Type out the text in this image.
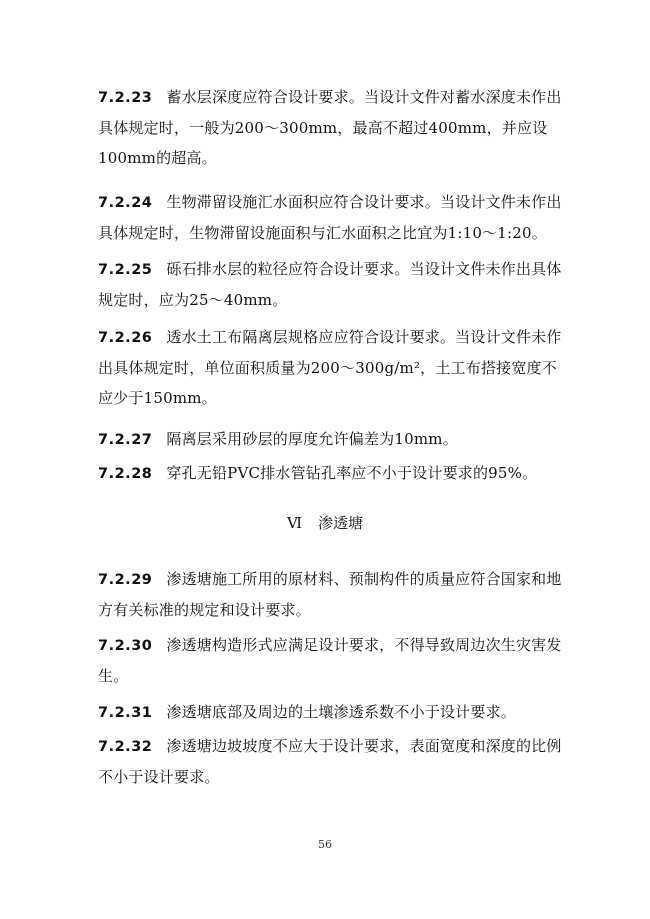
7.2.23 蓄水层深度应符合设计要求。当设计文件对蓄水深度未作出具体规定时，一般为200～300mm，最高不超过400mm，并应设100mm的超高。

7.2.24 生物滞留设施汇水面积应符合设计要求。当设计文件未作出具体规定时，生物滞留设施面积与汇水面积之比宜为1:10～1:20。

7.2.25 砾石排水层的粒径应符合设计要求。当设计文件未作出具体规定时，应为25～40mm。

7.2.26 透水土工布隔离层规格应应符合设计要求。当设计文件未作出具体规定时，单位面积质量为200～300g/m²，土工布搭接宽度不应少于150mm。

7.2.27 隔离层采用砂层的厚度允许偏差为10mm。

7.2.28 穿孔无铅PVC排水管钻孔率应不小于设计要求的95%。

Ⅵ 渗透塘

7.2.29 渗透塘施工所用的原材料、预制构件的质量应符合国家和地方有关标准的规定和设计要求。

7.2.30 渗透塘构造形式应满足设计要求，不得导致周边次生灾害发生。

7.2.31 渗透塘底部及周边的土壤渗透系数不小于设计要求。

7.2.32 渗透塘边坡坡度不应大于设计要求，表面宽度和深度的比例不小于设计要求。

56
